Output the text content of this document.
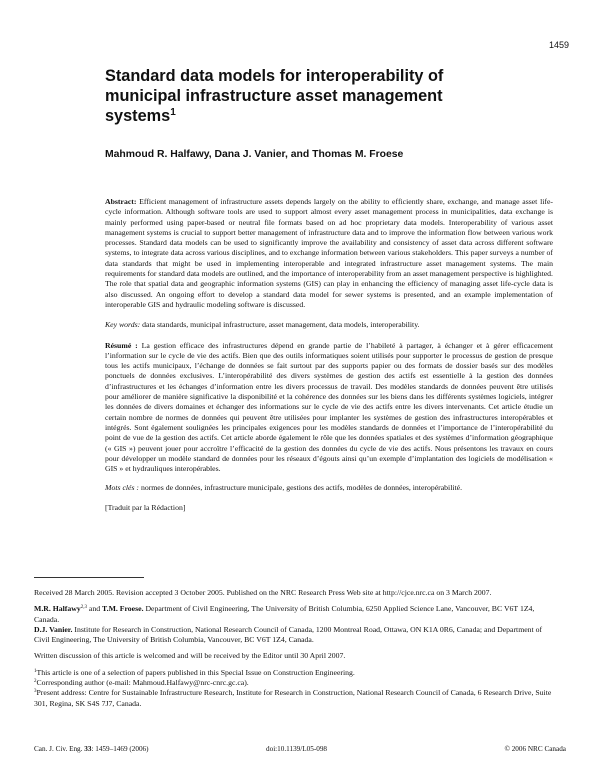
1459
Standard data models for interoperability of
municipal infrastructure asset management
systems$^1$

Mahmoud R. Halfawy, Dana J. Vanier, and Thomas M. Froese

Abstract: Efficient management of infrastructure assets depends largely on the ability to efficiently share, exchange, and manage asset life-cycle information. Although software tools are used to support almost every asset management process in municipalities, data exchange is mainly performed using paper-based or neutral file formats based on ad hoc proprietary data models. Interoperability of various asset management systems is crucial to support better management of infrastructure data and to improve the information flow between various work processes. Standard data models can be used to significantly improve the availability and consistency of asset data across different software systems, to integrate data across various disciplines, and to exchange information between various stakeholders. This paper surveys a number of data standards that might be used in implementing interoperable and integrated infrastructure asset management systems. The main requirements for standard data models are outlined, and the importance of interoperability from an asset management perspective is highlighted. The role that spatial data and geographic information systems (GIS) can play in enhancing the efficiency of managing asset life-cycle data is also discussed. An ongoing effort to develop a standard data model for sewer systems is presented, and an example implementation of interoperable GIS and hydraulic modeling software is discussed.

Key words: data standards, municipal infrastructure, asset management, data models, interoperability.

Résumé : La gestion efficace des infrastructures dépend en grande partie de l’habileté à partager, à échanger et à gérer efficacement l’information sur le cycle de vie des actifs. Bien que des outils informatiques soient utilisés pour supporter le processus de gestion de presque tous les actifs municipaux, l’échange de données se fait surtout par des supports papier ou des formats de dossier basés sur des modèles ponctuels de données exclusives. L’interopérabilité des divers systèmes de gestion des actifs est essentielle à la gestion des données d’infrastructures et les échanges d’information entre les divers processus de travail. Des modèles standards de données peuvent être utilisés pour améliorer de manière significative la disponibilité et la cohérence des données sur les biens dans les différents systèmes logiciels, intégrer les données de divers domaines et échanger des informations sur le cycle de vie des actifs entre les divers intervenants. Cet article étudie un certain nombre de normes de données qui peuvent être utilisées pour implanter les systèmes de gestion des infrastructures interopérables et intégrés. Sont également soulignées les principales exigences pour les modèles standards de données et l’importance de l’interopérabilité du point de vue de la gestion des actifs. Cet article aborde également le rôle que les données spatiales et des systèmes d’information géographique (« GIS ») peuvent jouer pour accroître l’efficacité de la gestion des données du cycle de vie des actifs. Nous présentons les travaux en cours pour développer un modèle standard de données pour les réseaux d’égouts ainsi qu’un exemple d’implantation des logiciels de modélisation « GIS » et hydrauliques interopérables.

Mots clés : normes de données, infrastructure municipale, gestions des actifs, modèles de données, interopérabilité.

[Traduit par la Rédaction]

Received 28 March 2005. Revision accepted 3 October 2005. Published on the NRC Research Press Web site at http://cjce.nrc.ca on 3 March 2007.

M.R. Halfawy$^{2,3}$ and T.M. Froese. Department of Civil Engineering, The University of British Columbia, 6250 Applied Science Lane, Vancouver, BC V6T 1Z4, Canada.

D.J. Vanier. Institute for Research in Construction, National Research Council of Canada, 1200 Montreal Road, Ottawa, ON K1A 0R6, Canada; and Department of Civil Engineering, The University of British Columbia, Vancouver, BC V6T 1Z4, Canada.

Written discussion of this article is welcomed and will be received by the Editor until 30 April 2007.

$^1$This article is one of a selection of papers published in this Special Issue on Construction Engineering.

$^2$Corresponding author (e-mail: Mahmoud.Halfawy@nrc-cnrc.gc.ca).

$^3$Present address: Centre for Sustainable Infrastructure Research, Institute for Research in Construction, National Research Council of Canada, 6 Research Drive, Suite 301, Regina, SK S4S 7J7, Canada.

Can. J. Civ. Eng. 33: 1459–1469 (2006)	doi:10.1139/L05-098	© 2006 NRC Canada
